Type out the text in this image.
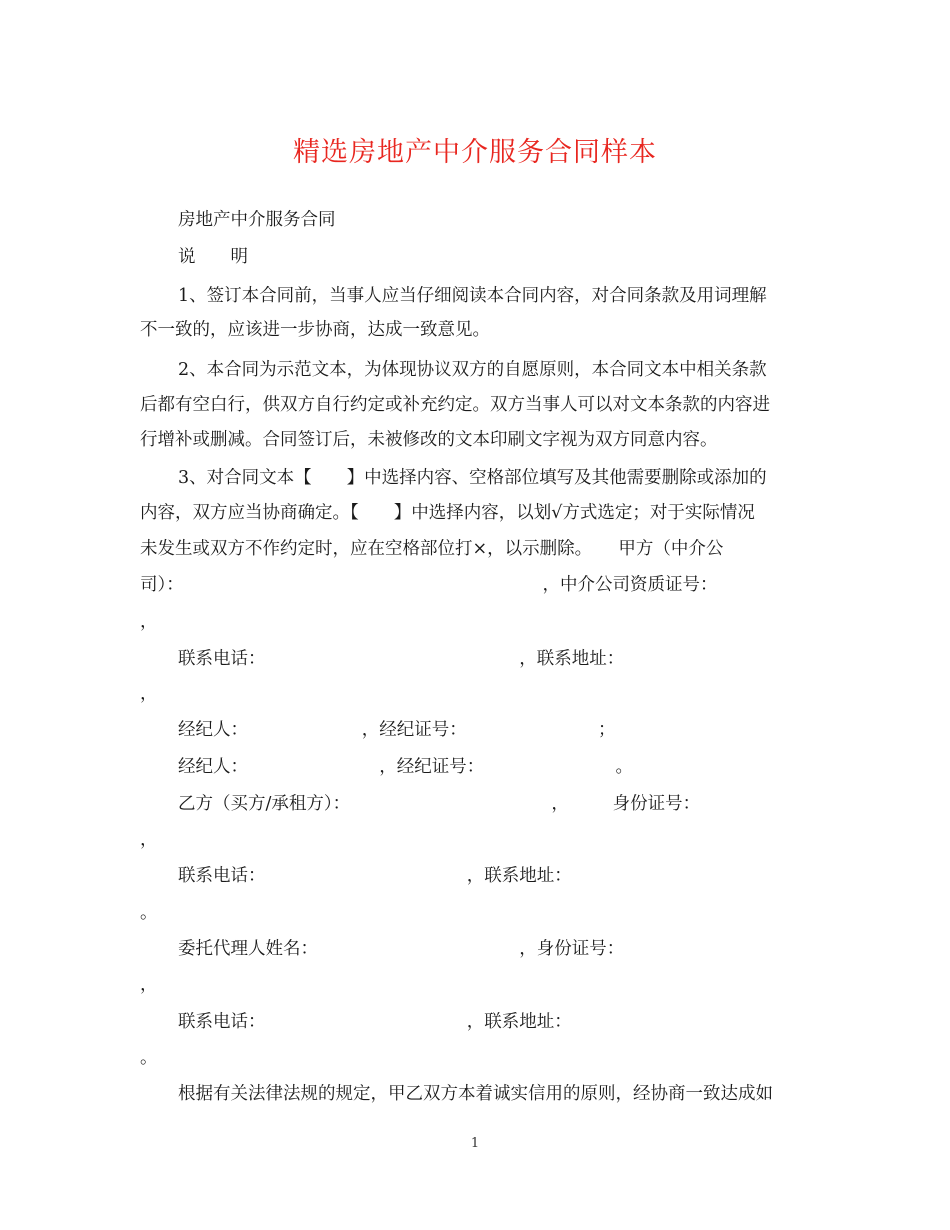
精选房地产中介服务合同样本
房地产中介服务合同
说　　明
1、签订本合同前，当事人应当仔细阅读本合同内容，对合同条款及用词理解
不一致的，应该进一步协商，达成一致意见。
2、本合同为示范文本，为体现协议双方的自愿原则，本合同文本中相关条款
后都有空白行，供双方自行约定或补充约定。双方当事人可以对文本条款的内容进
行增补或删减。合同签订后，未被修改的文本印刷文字视为双方同意内容。
3、对合同文本【　　】中选择内容、空格部位填写及其他需要删除或添加的
内容，双方应当协商确定。【　　】中选择内容，以划√方式选定；对于实际情况
未发生或双方不作约定时，应在空格部位打×，以示删除。　　甲方（中介公
司）：　　　　　　　　　　　　　　　　　　　　　，中介公司资质证号：
，
联系电话：　　　　　　　　　　　　　　　，联系地址：
，
经纪人：　　　　　　　，经纪证号：　　　　　　　　；
经纪人：　　　　　　　　，经纪证号：　　　　　　　　。
乙方（买方/承租方）：　　　　　　　　　　　　，　　　身份证号：
，
联系电话：　　　　　　　　　　　　，联系地址：
。
委托代理人姓名：　　　　　　　　　　　　，身份证号：
，
联系电话：　　　　　　　　　　　　，联系地址：
。
根据有关法律法规的规定，甲乙双方本着诚实信用的原则，经协商一致达成如
1
